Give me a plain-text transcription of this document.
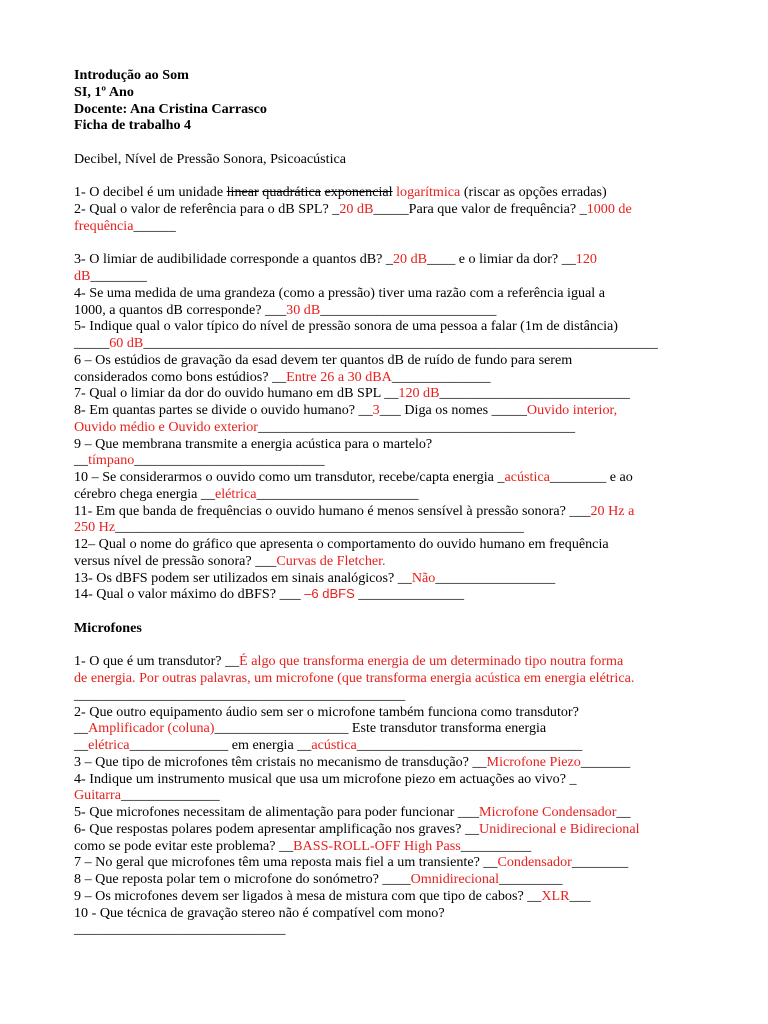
Introdução ao Som
SI, 1º Ano
Docente: Ana Cristina Carrasco
Ficha de trabalho 4
Decibel, Nível de Pressão Sonora, Psicoacústica
1- O decibel é um unidade linear quadrática exponencial logarítmica (riscar as opções erradas)
2- Qual o valor de referência para o dB SPL? _20 dB_____Para que valor de frequência? _1000 de
frequência______
3- O limiar de audibilidade corresponde a quantos dB? _20 dB____ e o limiar da dor? __120
dB________
4- Se uma medida de uma grandeza (como a pressão) tiver uma razão com a referência igual a
1000, a quantos dB corresponde? ___30 dB_________________________
5- Indique qual o valor típico do nível de pressão sonora de uma pessoa a falar (1m de distância)
_____60 dB_________________________________________________________________________
6 – Os estúdios de gravação da esad devem ter quantos dB de ruído de fundo para serem
considerados como bons estúdios? __Entre 26 a 30 dBA______________
7- Qual o limiar da dor do ouvido humano em dB SPL __120 dB___________________________
8- Em quantas partes se divide o ouvido humano? __3___ Diga os nomes _____Ouvido interior,
Ouvido médio e Ouvido exterior_____________________________________________
9 – Que membrana transmite a energia acústica para o martelo?
__tímpano___________________________
10 – Se considerarmos o ouvido como um transdutor, recebe/capta energia _acústica________ e ao
cérebro chega energia __elétrica_______________________
11- Em que banda de frequências o ouvido humano é menos sensível à pressão sonora? ___20 Hz a
250 Hz__________________________________________________________
12– Qual o nome do gráfico que apresenta o comportamento do ouvido humano em frequência
versus nível de pressão sonora? ___Curvas de Fletcher.
13- Os dBFS podem ser utilizados em sinais analógicos? __Não_________________
14- Qual o valor máximo do dBFS? ___ –6 dBFS _______________
Microfones
1- O que é um transdutor? __É algo que transforma energia de um determinado tipo noutra forma
de energia. Por outras palavras, um microfone (que transforma energia acústica em energia elétrica.
_______________________________________________
2- Que outro equipamento áudio sem ser o microfone também funciona como transdutor?
__Amplificador (coluna)___________________ Este transdutor transforma energia
__elétrica______________ em energia __acústica________________________________
3 – Que tipo de microfones têm cristais no mecanismo de transdução? __Microfone Piezo_______
4- Indique um instrumento musical que usa um microfone piezo em actuações ao vivo? _
Guitarra______________
5- Que microfones necessitam de alimentação para poder funcionar ___Microfone Condensador__
6- Que respostas polares podem apresentar amplificação nos graves? __Unidirecional e Bidirecional
como se pode evitar este problema? __BASS-ROLL-OFF High Pass__________
7 – No geral que microfones têm uma reposta mais fiel a um transiente? __Condensador________
8 – Que reposta polar tem o microfone do sonómetro? ____Omnidirecional_________
9 – Os microfones devem ser ligados à mesa de mistura com que tipo de cabos? __XLR___
10 - Que técnica de gravação stereo não é compatível com mono?
______________________________
